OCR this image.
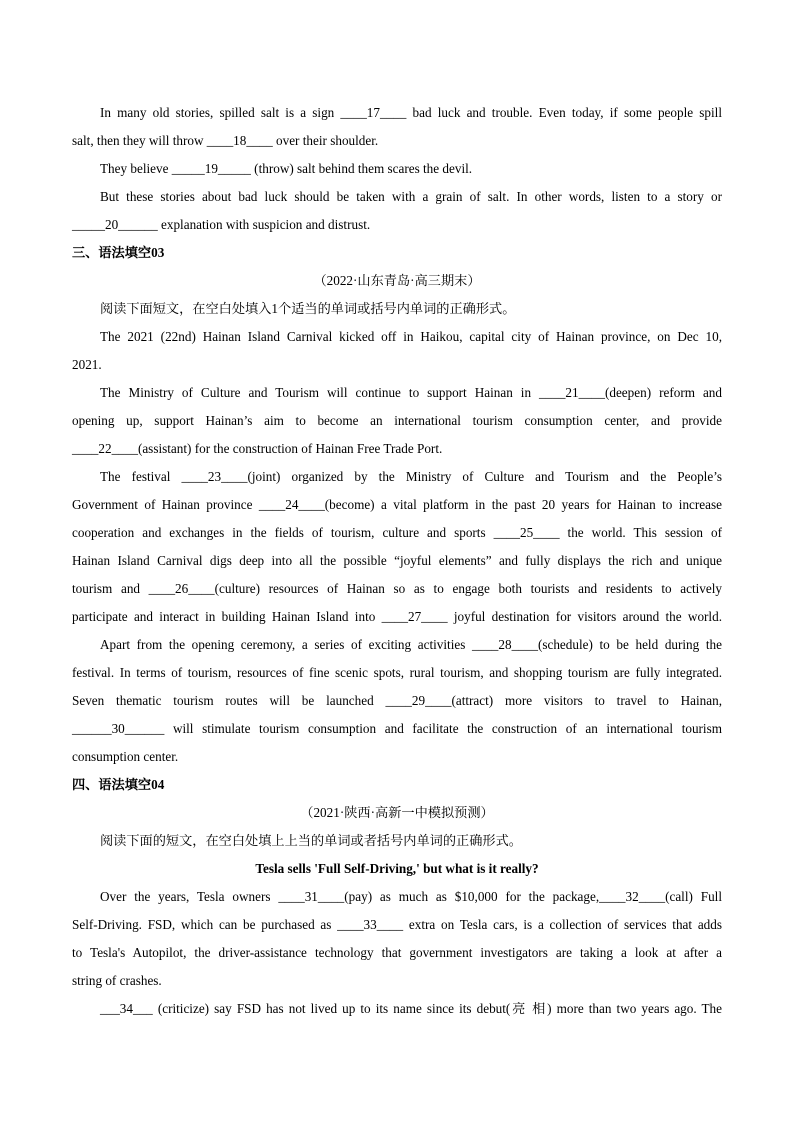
In many old stories, spilled salt is a sign ____17____ bad luck and trouble. Even today, if some people spill
salt, then they will throw ____18____ over their shoulder.
They believe _____19_____ (throw) salt behind them scares the devil.
But these stories about bad luck should be taken with a grain of salt. In other words, listen to a story or
_____20______ explanation with suspicion and distrust.
三、语法填空03
（2022·山东青岛·高三期末）
阅读下面短文，在空白处填入1个适当的单词或括号内单词的正确形式。
The 2021 (22nd) Hainan Island Carnival kicked off in Haikou, capital city of Hainan province, on Dec 10,
2021.
The Ministry of Culture and Tourism will continue to support Hainan in ____21____(deepen) reform and
opening up, support Hainan’s aim to become an international tourism consumption center, and provide
____22____(assistant) for the construction of Hainan Free Trade Port.
The festival ____23____(joint) organized by the Ministry of Culture and Tourism and the People’s
Government of Hainan province ____24____(become) a vital platform in the past 20 years for Hainan to increase
cooperation and exchanges in the fields of tourism, culture and sports ____25____ the world. This session of
Hainan Island Carnival digs deep into all the possible “joyful elements” and fully displays the rich and unique
tourism and ____26____(culture) resources of Hainan so as to engage both tourists and residents to actively
participate and interact in building Hainan Island into ____27____ joyful destination for visitors around the world.
Apart from the opening ceremony, a series of exciting activities ____28____(schedule) to be held during the
festival. In terms of tourism, resources of fine scenic spots, rural tourism, and shopping tourism are fully integrated.
Seven thematic tourism routes will be launched ____29____(attract) more visitors to travel to Hainan,
______30______ will stimulate tourism consumption and facilitate the construction of an international tourism
consumption center.
四、语法填空04
（2021·陕西·高新一中模拟预测）
阅读下面的短文，在空白处填上上当的单词或者括号内单词的正确形式。
Tesla sells 'Full Self-Driving,' but what is it really?
Over the years, Tesla owners ____31____(pay) as much as $10,000 for the package,____32____(call) Full
Self-Driving. FSD, which can be purchased as ____33____ extra on Tesla cars, is a collection of services that adds
to Tesla's Autopilot, the driver-assistance technology that government investigators are taking a look at after a
string of crashes.
___34___ (criticize) say FSD has not lived up to its name since its debut(亮 相) more than two years ago. The
